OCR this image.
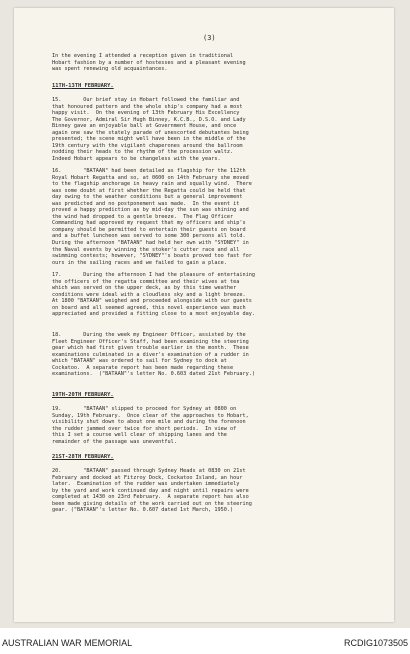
(3)
In the evening I attended a reception given in traditional
Hobart fashion by a number of hostesses and a pleasant evening
was spent renewing old acquaintances.
11TH-13TH FEBRUARY.
15.       Our brief stay in Hobart followed the familiar and
that honoured pattern and the whole ship's company had a most
happy visit.  On the evening of 13th February His Excellency
The Governor, Admiral Sir Hugh Binney, K.C.B., D.S.O. and Lady
Binney gave an enjoyable ball at Government House, and once
again one saw the stately parade of unescorted debutantes being
presented; the scene might well have been in the middle of the
19th century with the vigilant chaperones around the ballroom
nodding their heads to the rhythm of the procession waltz.
Indeed Hobart appears to be changeless with the years.
16.       "BATAAN" had been detailed as flagship for the 112th
Royal Hobart Regatta and so, at 0600 on 14th February she moved
to the flagship anchorage in heavy rain and squally wind.  There
was some doubt at first whether the Regatta could be held that
day owing to the weather conditions but a general improvement
was predicted and no postponement was made.  In the event it
proved a happy prediction as by mid-day the sun was shining and
the wind had dropped to a gentle breeze.  The Flag Officer
Commanding had approved my request that my officers and ship's
company should be permitted to entertain their guests on board
and a buffet luncheon was served to some 300 persons all told.
During the afternoon "BATAAN" had held her own with "SYDNEY" in
the Naval events by winning the stoker's cutter race and all
swimming contests; however, "SYDNEY"'s boats proved too fast for
ours in the sailing races and we failed to gain a place.
17.       During the afternoon I had the pleasure of entertaining
the officers of the regatta committee and their wives at tea
which was served on the upper deck, as by this time weather
conditions were ideal with a cloudless sky and a light breeze.
At 1800 "BATAAN" weighed and proceeded alongside with our guests
on board and all seemed agreed, this novel experience was much
appreciated and provided a fitting close to a most enjoyable day.
18.       During the week my Engineer Officer, assisted by the
Fleet Engineer Officer's Staff, had been examining the steering
gear which had first given trouble earlier in the month.  These
examinations culminated in a diver's examination of a rudder in
which "BATAAN" was ordered to sail for Sydney to dock at
Cockatoo.  A separate report has been made regarding these
examinations.  ("BATAAN"'s letter No. 0.603 dated 21st February.)
19TH-20TH FEBRUARY.
19.       "BATAAN" slipped to proceed for Sydney at 0800 on
Sunday, 19th February.  Once clear of the approaches to Hobart,
visibility shut down to about one mile and during the forenoon
the rudder jammed over twice for short periods.  In view of
this I set a course well clear of shipping lanes and the
remainder of the passage was uneventful.
21ST-28TH FEBRUARY.
20.       "BATAAN" passed through Sydney Heads at 0830 on 21st
February and docked at Fitzroy Dock, Cockatoo Island, an hour
later.  Examination of the rudder was undertaken immediately
by the yard and work continued day and night until repairs were
completed at 1430 on 23rd February.  A separate report has also
been made giving details of the work carried out on the steering
gear. ("BATAAN"'s letter No. 0.607 dated 1st March, 1950.)
AUSTRALIAN WAR MEMORIAL	RCDIG1073505
